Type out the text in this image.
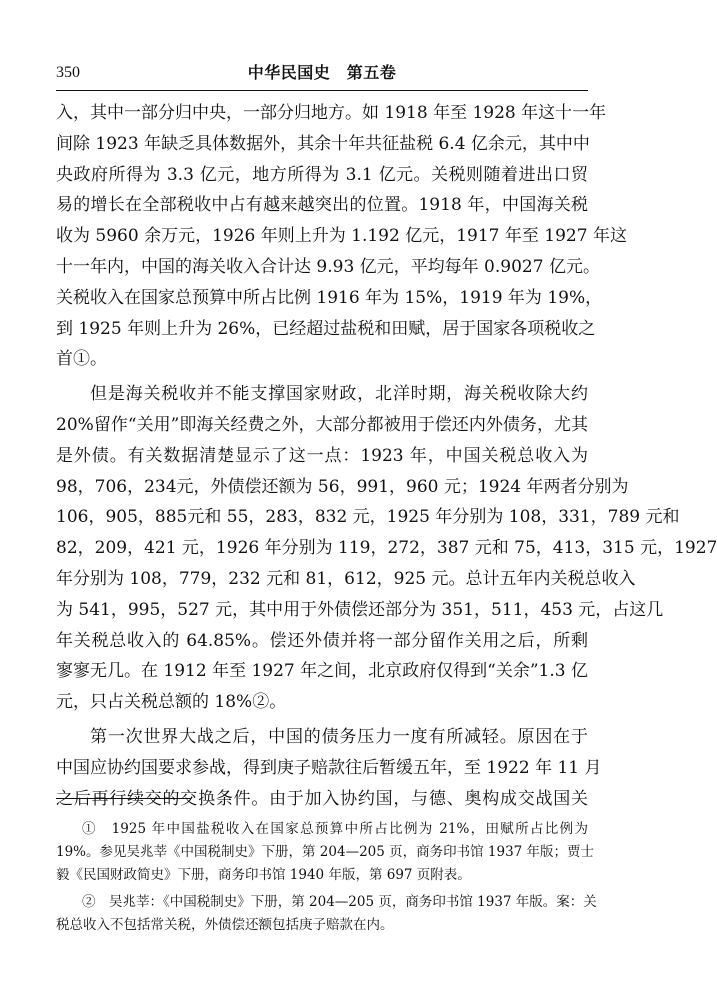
350	中华民国史　第五卷
入，其中一部分归中央，一部分归地方。如 1918 年至 1928 年这十一年
间除 1923 年缺乏具体数据外，其余十年共征盐税 6.4 亿余元，其中中
央政府所得为 3.3 亿元，地方所得为 3.1 亿元。关税则随着进出口贸
易的增长在全部税收中占有越来越突出的位置。1918 年，中国海关税
收为 5960 余万元，1926 年则上升为 1.192 亿元，1917 年至 1927 年这
十一年内，中国的海关收入合计达 9.93 亿元，平均每年 0.9027 亿元。
关税收入在国家总预算中所占比例 1916 年为 15%，1919 年为 19%，
到 1925 年则上升为 26%，已经超过盐税和田赋，居于国家各项税收之
首①。
但是海关税收并不能支撑国家财政，北洋时期，海关税收除大约
20%留作“关用”即海关经费之外，大部分都被用于偿还内外债务，尤其
是外债。有关数据清楚显示了这一点：1923 年，中国关税总收入为
98，706，234元，外债偿还额为 56，991，960 元；1924 年两者分别为
106，905，885元和 55，283，832 元，1925 年分别为 108，331，789 元和
82，209，421 元，1926 年分别为 119，272，387 元和 75，413，315 元，1927
年分别为 108，779，232 元和 81，612，925 元。总计五年内关税总收入
为 541，995，527 元，其中用于外债偿还部分为 351，511，453 元，占这几
年关税总收入的 64.85%。偿还外债并将一部分留作关用之后，所剩
寥寥无几。在 1912 年至 1927 年之间，北京政府仅得到“关余”1.3 亿
元，只占关税总额的 18%②。
第一次世界大战之后，中国的债务压力一度有所减轻。原因在于
中国应协约国要求参战，得到庚子赔款往后暂缓五年，至 1922 年 11 月
之后再行续交的交换条件。由于加入协约国，与德、奥构成交战国关
①　1925 年中国盐税收入在国家总预算中所占比例为 21%，田赋所占比例为
19%。参见吴兆莘《中国税制史》下册，第 204—205 页，商务印书馆 1937 年版；贾士
毅《民国财政简史》下册，商务印书馆 1940 年版，第 697 页附表。
②　吴兆莘：《中国税制史》下册，第 204—205 页，商务印书馆 1937 年版。案：关
税总收入不包括常关税，外债偿还额包括庚子赔款在内。
